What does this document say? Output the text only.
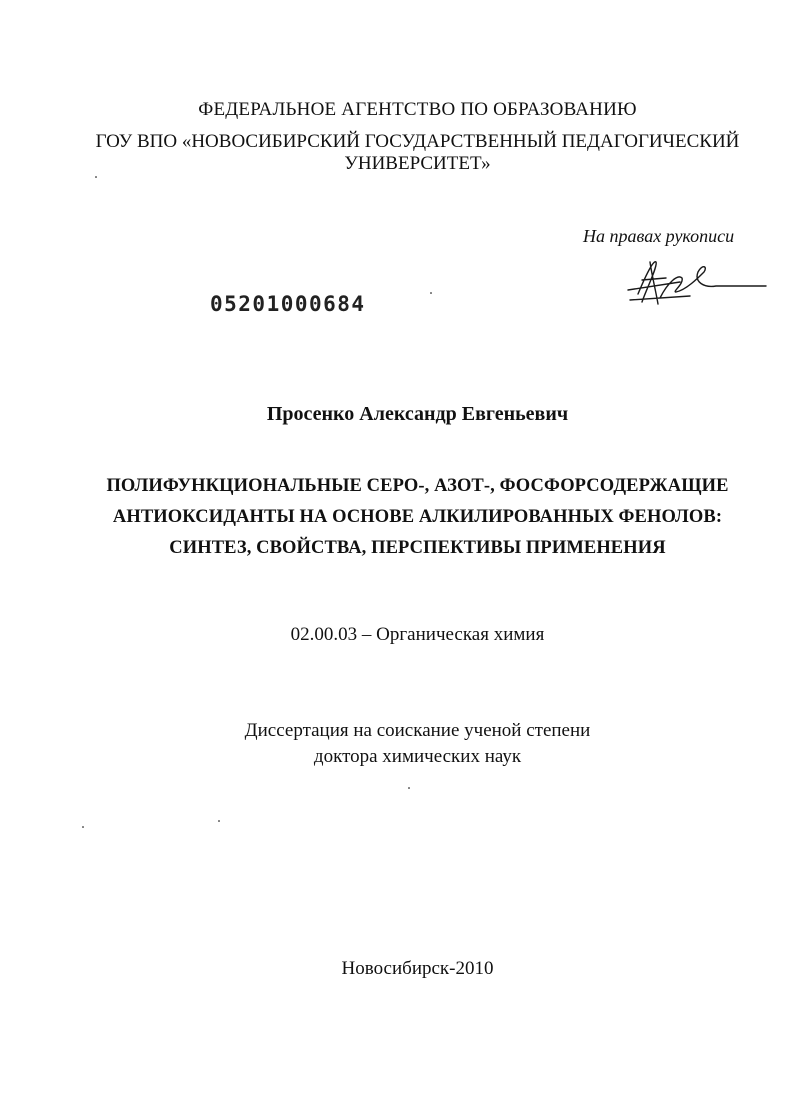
ФЕДЕРАЛЬНОЕ АГЕНТСТВО ПО ОБРАЗОВАНИЮ
ГОУ ВПО «НОВОСИБИРСКИЙ ГОСУДАРСТВЕННЫЙ ПЕДАГОГИЧЕСКИЙ
УНИВЕРСИТЕТ»
На правах рукописи
05201000684
Просенко Александр Евгеньевич
ПОЛИФУНКЦИОНАЛЬНЫЕ СЕРО-, АЗОТ-, ФОСФОРСОДЕРЖАЩИЕ
АНТИОКСИДАНТЫ НА ОСНОВЕ АЛКИЛИРОВАННЫХ ФЕНОЛОВ:
СИНТЕЗ, СВОЙСТВА, ПЕРСПЕКТИВЫ ПРИМЕНЕНИЯ
02.00.03 – Органическая химия
Диссертация на соискание ученой степени
доктора химических наук
Новосибирск-2010
